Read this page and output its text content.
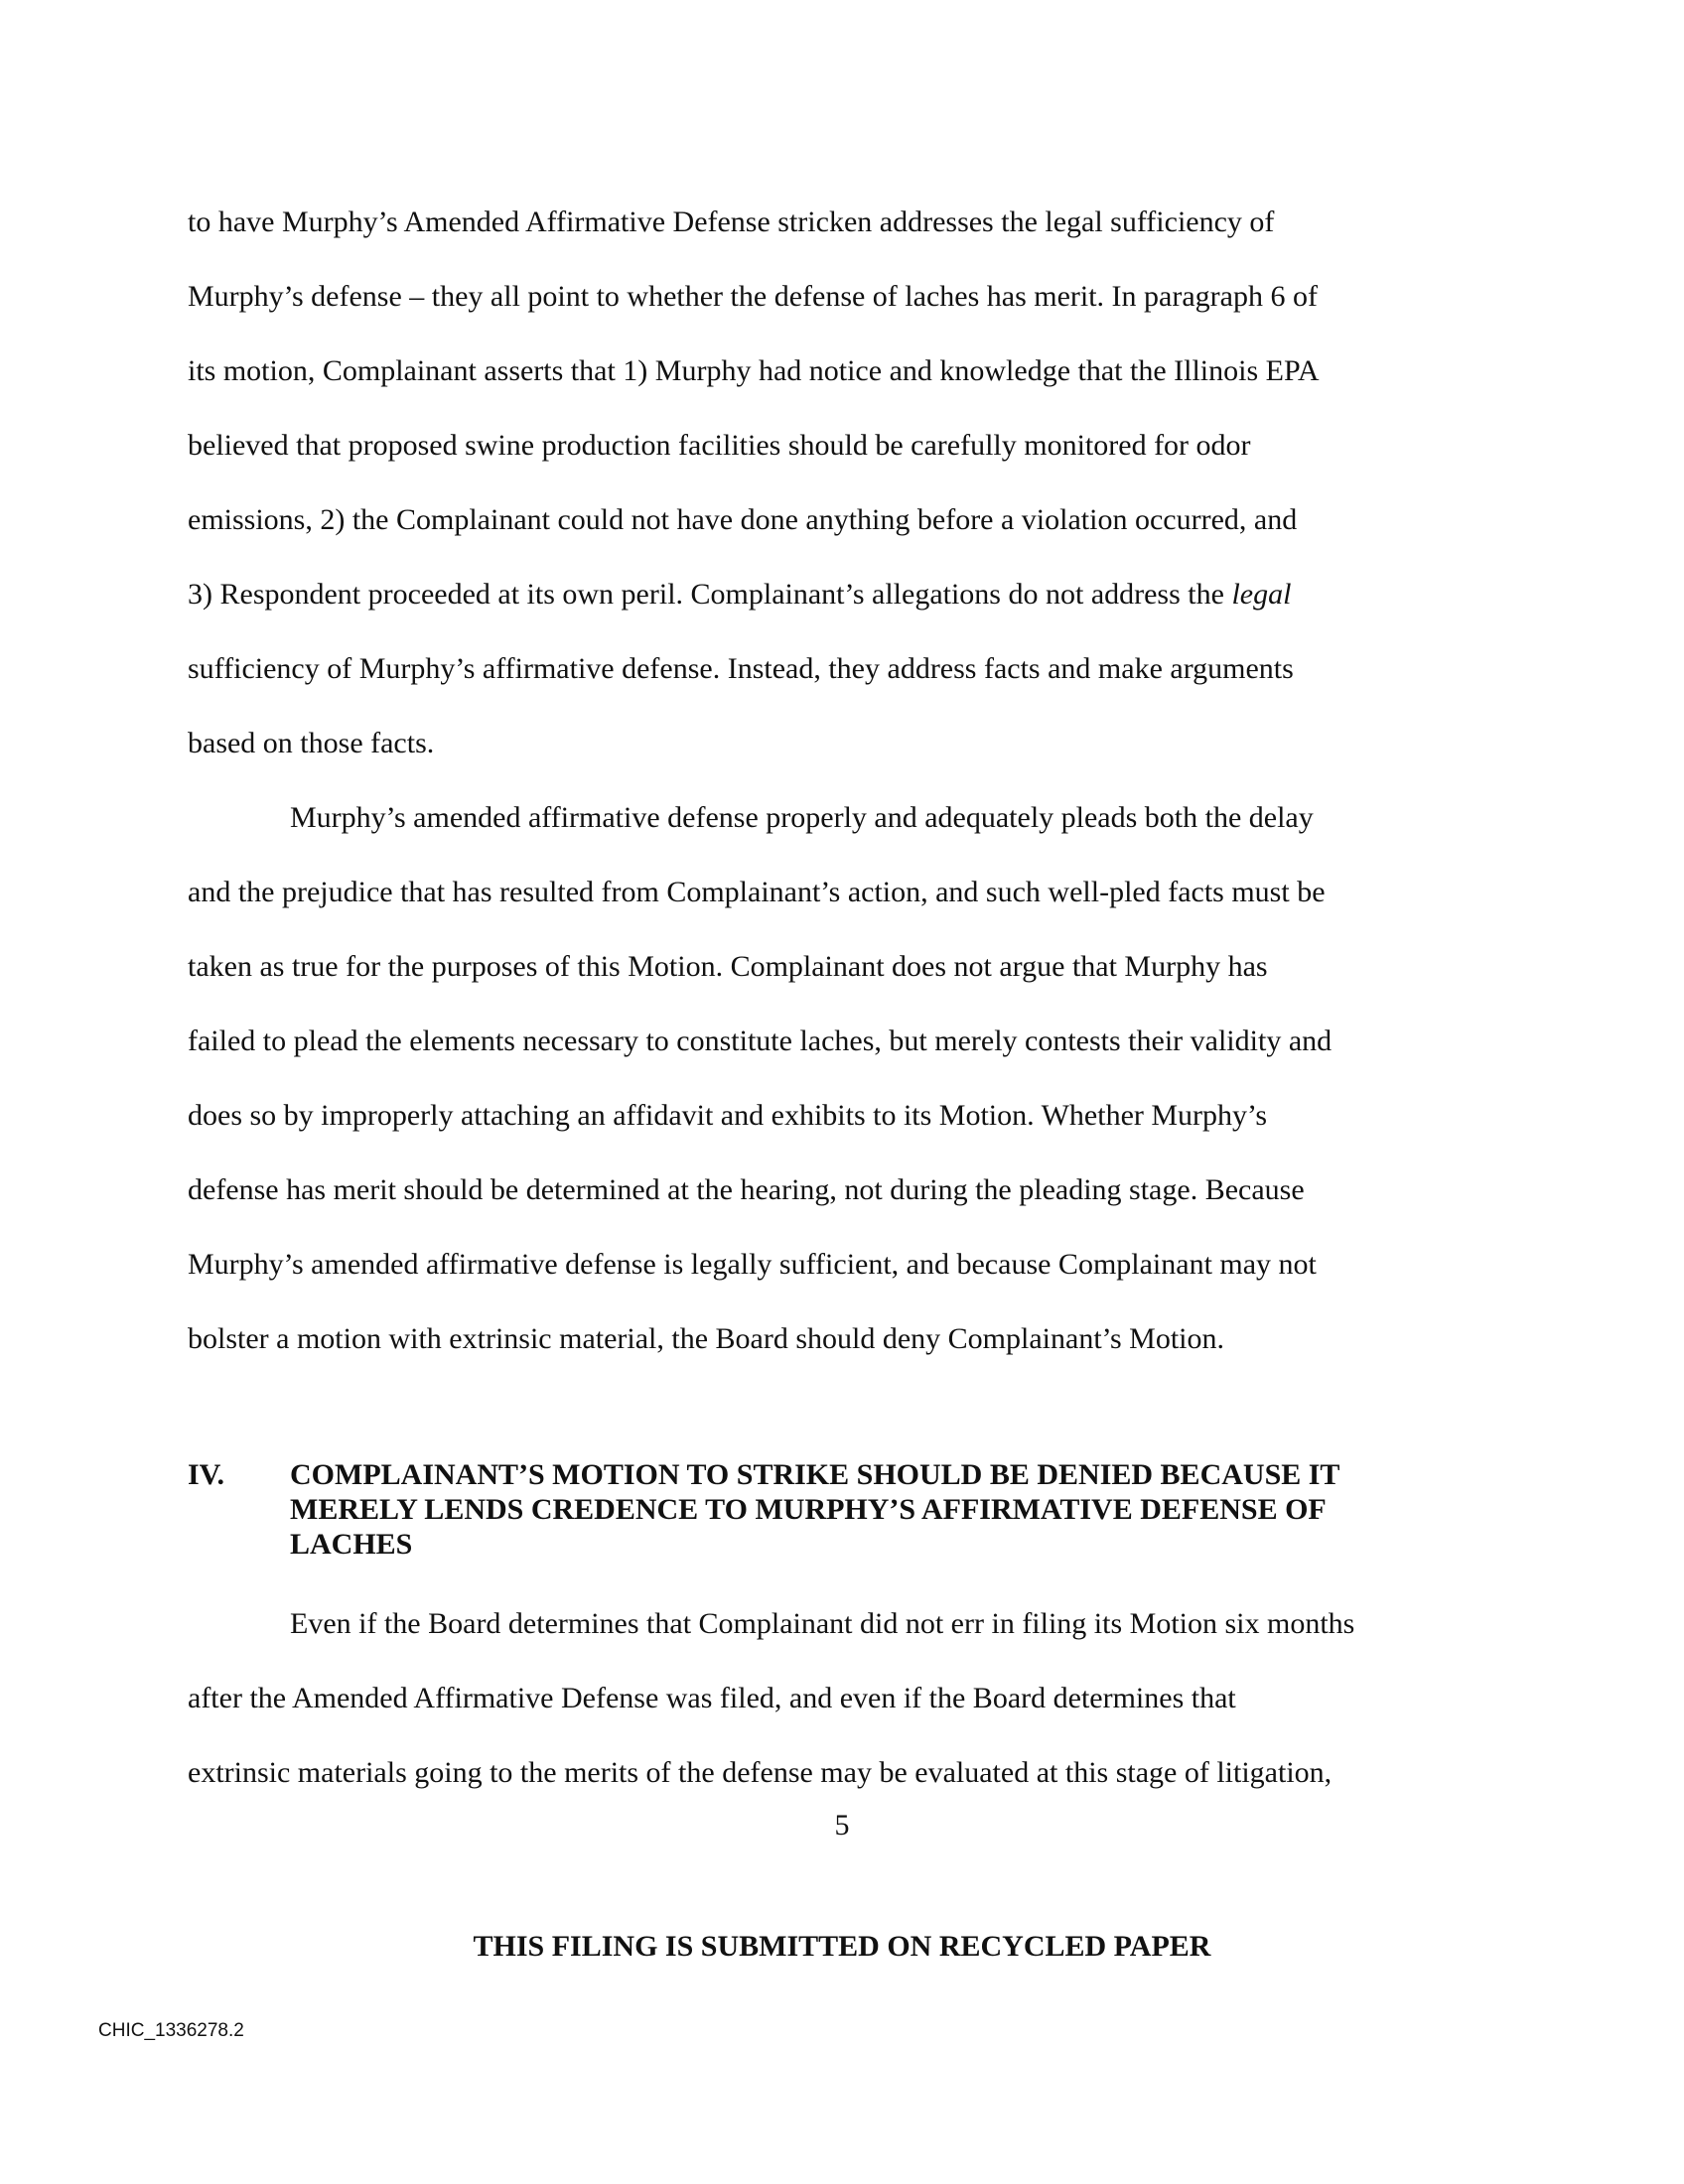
to have Murphy’s Amended Affirmative Defense stricken addresses the legal sufficiency of
Murphy’s defense – they all point to whether the defense of laches has merit. In paragraph 6 of
its motion, Complainant asserts that 1) Murphy had notice and knowledge that the Illinois EPA
believed that proposed swine production facilities should be carefully monitored for odor
emissions, 2) the Complainant could not have done anything before a violation occurred, and
3) Respondent proceeded at its own peril. Complainant’s allegations do not address the legal
sufficiency of Murphy’s affirmative defense. Instead, they address facts and make arguments
based on those facts.
Murphy’s amended affirmative defense properly and adequately pleads both the delay
and the prejudice that has resulted from Complainant’s action, and such well-pled facts must be
taken as true for the purposes of this Motion. Complainant does not argue that Murphy has
failed to plead the elements necessary to constitute laches, but merely contests their validity and
does so by improperly attaching an affidavit and exhibits to its Motion. Whether Murphy’s
defense has merit should be determined at the hearing, not during the pleading stage. Because
Murphy’s amended affirmative defense is legally sufficient, and because Complainant may not
bolster a motion with extrinsic material, the Board should deny Complainant’s Motion.
IV. COMPLAINANT’S MOTION TO STRIKE SHOULD BE DENIED BECAUSE IT
MERELY LENDS CREDENCE TO MURPHY’S AFFIRMATIVE DEFENSE OF
LACHES
Even if the Board determines that Complainant did not err in filing its Motion six months
after the Amended Affirmative Defense was filed, and even if the Board determines that
extrinsic materials going to the merits of the defense may be evaluated at this stage of litigation,
5
THIS FILING IS SUBMITTED ON RECYCLED PAPER
CHIC_1336278.2
